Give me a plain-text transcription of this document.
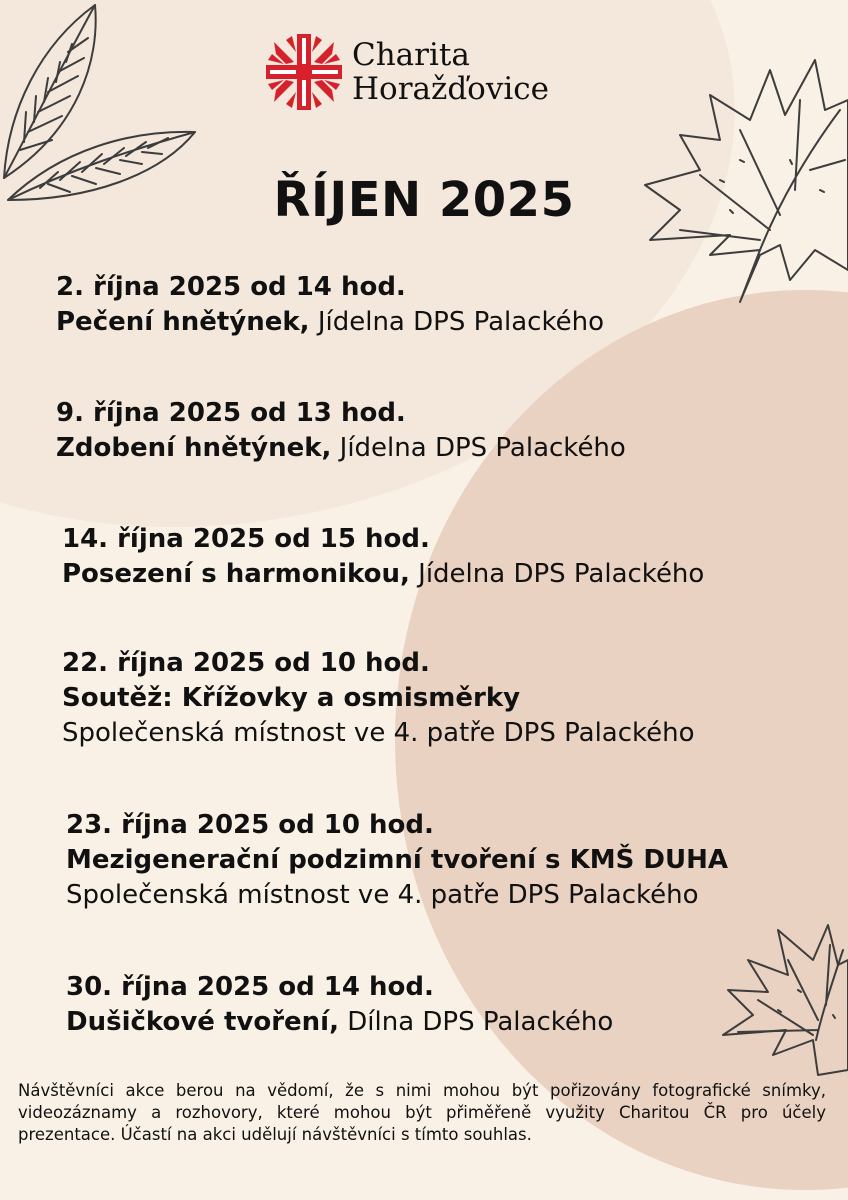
Charita
Horažďovice
ŘÍJEN 2025
2. října 2025 od 14 hod.
Pečení hnětýnek, Jídelna DPS Palackého
9. října 2025 od 13 hod.
Zdobení hnětýnek, Jídelna DPS Palackého
14. října 2025 od 15 hod.
Posezení s harmonikou, Jídelna DPS Palackého
22. října 2025 od 10 hod.
Soutěž: Křížovky a osmisměrky
Společenská místnost ve 4. patře DPS Palackého
23. října 2025 od 10 hod.
Mezigenerační podzimní tvoření s KMŠ DUHA
Společenská místnost ve 4. patře DPS Palackého
30. října 2025 od 14 hod.
Dušičkové tvoření, Dílna DPS Palackého
Návštěvníci akce berou na vědomí, že s nimi mohou být pořizovány fotografické snímky, videozáznamy a rozhovory, které mohou být přiměřeně využity Charitou ČR pro účely prezentace. Účastí na akci udělují návštěvníci s tímto souhlas.
